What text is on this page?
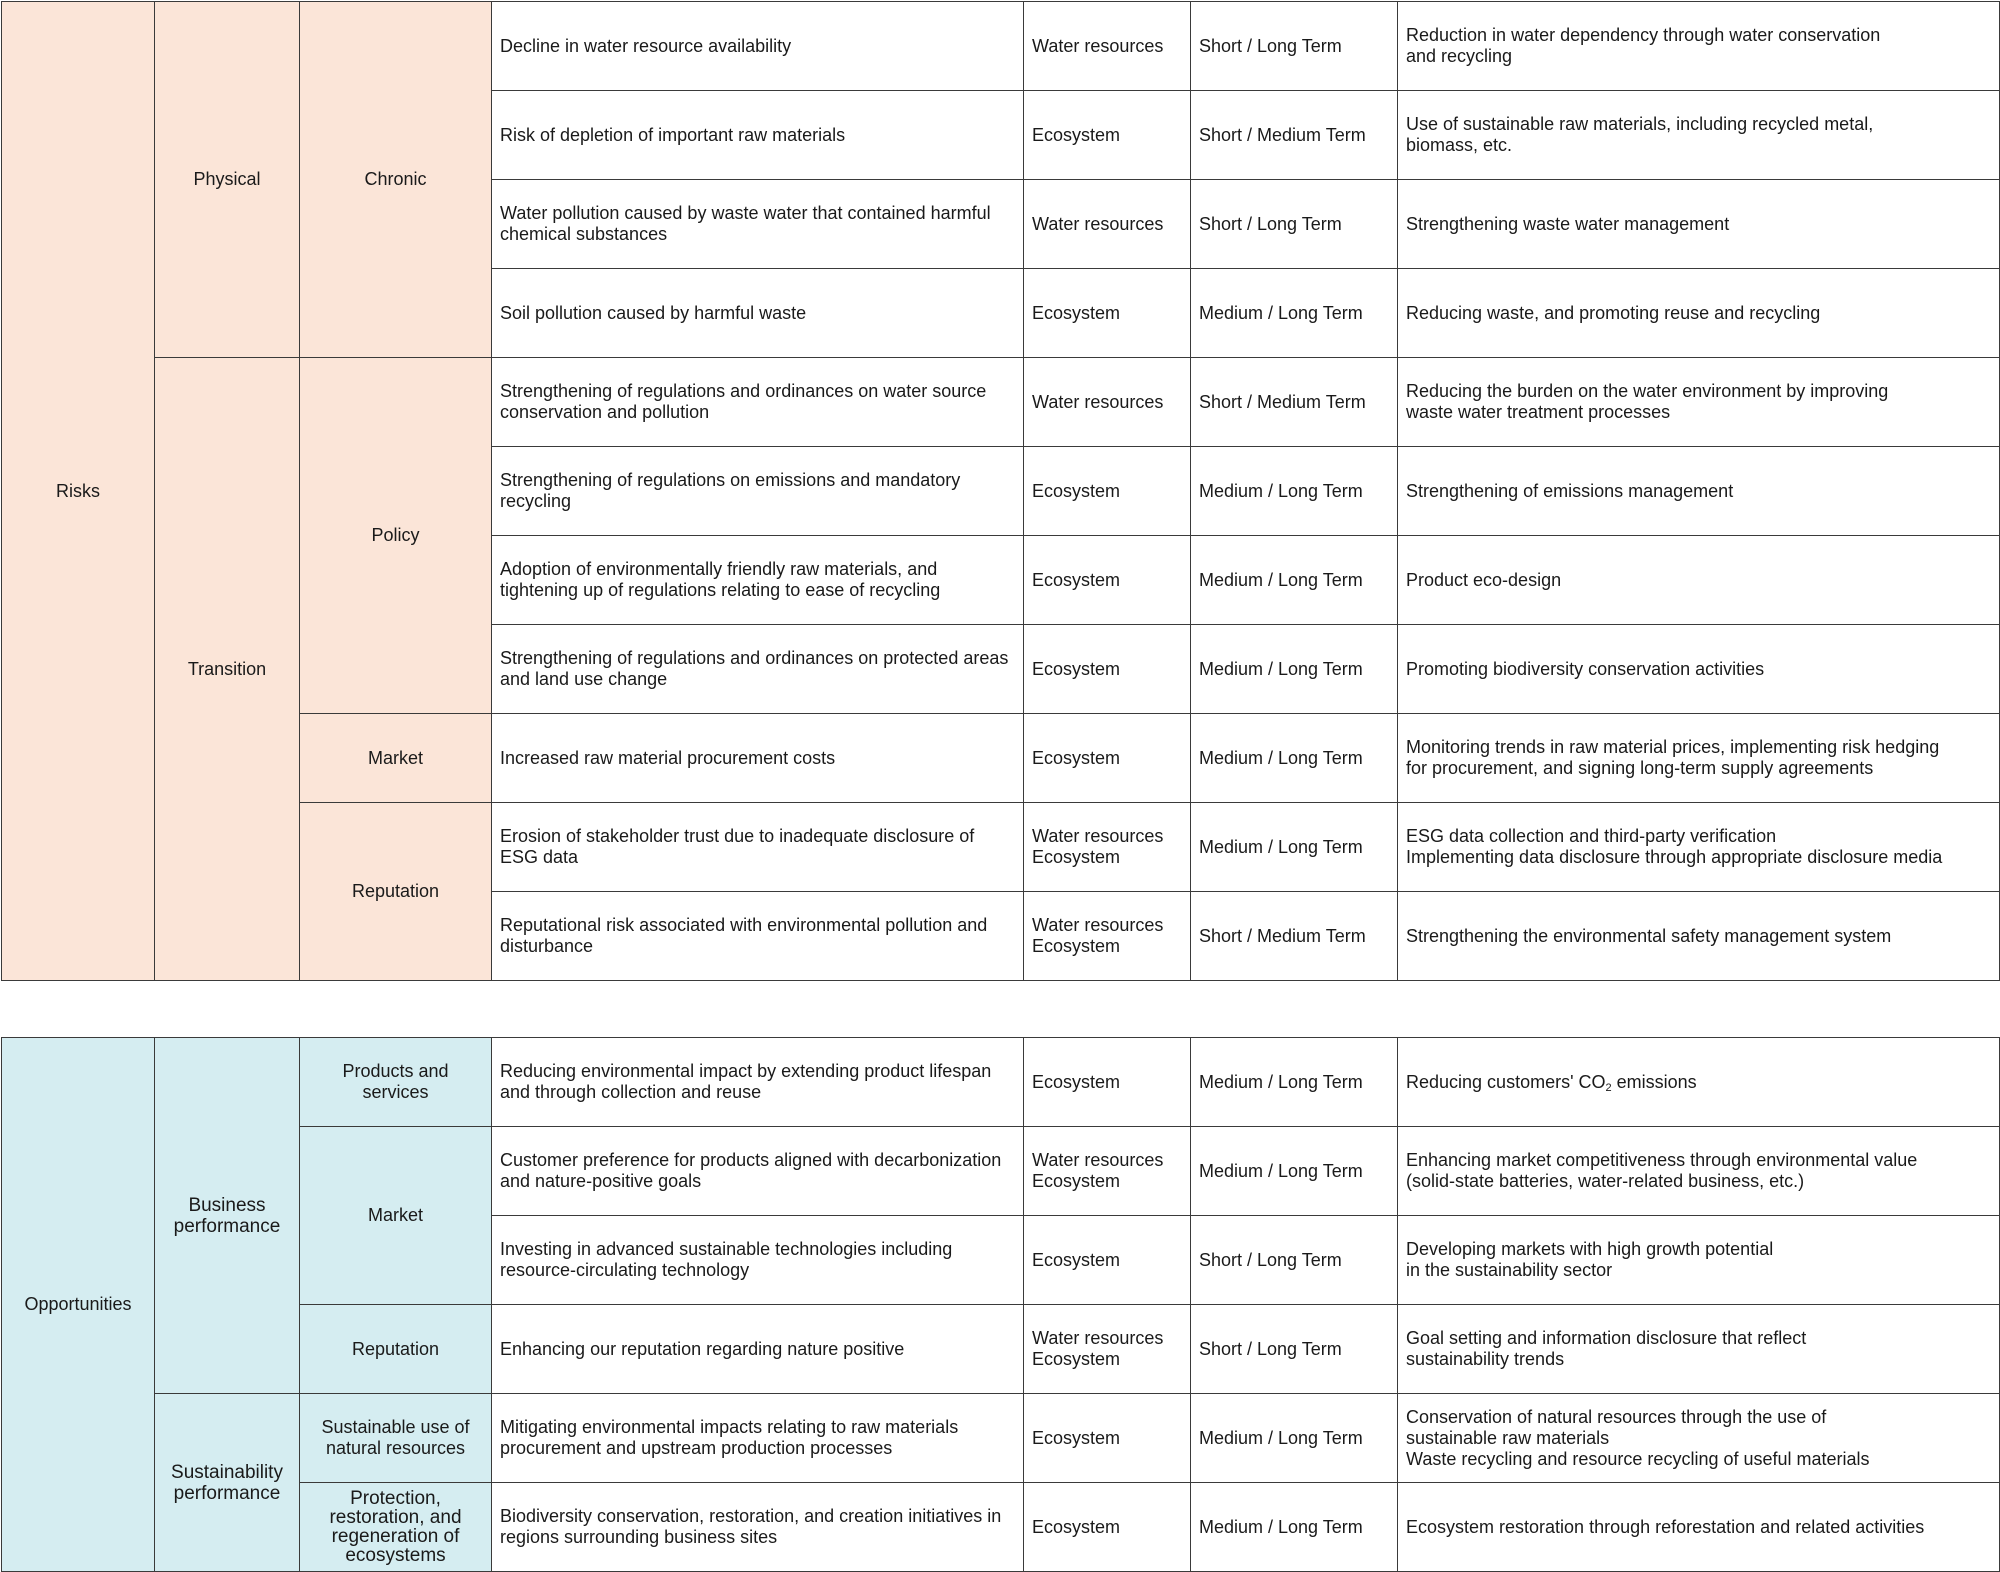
Risks	Physical	Chronic	Decline in water resource availability	Water resources	Short / Long Term	Reduction in water dependency through water conservation
and recycling

			Risk of depletion of important raw materials	Ecosystem	Short / Medium Term	Use of sustainable raw materials, including recycled metal,
biomass, etc.

			Water pollution caused by waste water that contained harmful chemical substances	Water resources	Short / Long Term	Strengthening waste water management

			Soil pollution caused by harmful waste	Ecosystem	Medium / Long Term	Reducing waste, and promoting reuse and recycling

	Transition	Policy	Strengthening of regulations and ordinances on water source conservation and pollution	Water resources	Short / Medium Term	Reducing the burden on the water environment by improving
waste water treatment processes

			Strengthening of regulations on emissions and mandatory recycling	Ecosystem	Medium / Long Term	Strengthening of emissions management

			Adoption of environmentally friendly raw materials, and tightening up of regulations relating to ease of recycling	Ecosystem	Medium / Long Term	Product eco-design

			Strengthening of regulations and ordinances on protected areas and land use change	Ecosystem	Medium / Long Term	Promoting biodiversity conservation activities

		Market	Increased raw material procurement costs	Ecosystem	Medium / Long Term	Monitoring trends in raw material prices, implementing risk hedging
for procurement, and signing long-term supply agreements

		Reputation	Erosion of stakeholder trust due to inadequate disclosure of ESG data	Water resources
Ecosystem	Medium / Long Term	ESG data collection and third-party verification
Implementing data disclosure through appropriate disclosure media

			Reputational risk associated with environmental pollution and disturbance	Water resources
Ecosystem	Short / Medium Term	Strengthening the environmental safety management system
Opportunities	Business performance	Products and services	Reducing environmental impact by extending product lifespan and through collection and reuse	Ecosystem	Medium / Long Term	Reducing customers' $CO_2$ emissions

		Market	Customer preference for products aligned with decarbonization and nature-positive goals	Water resources
Ecosystem	Medium / Long Term	Enhancing market competitiveness through environmental value
(solid-state batteries, water-related business, etc.)

			Investing in advanced sustainable technologies including resource-circulating technology	Ecosystem	Short / Long Term	Developing markets with high growth potential
in the sustainability sector

		Reputation	Enhancing our reputation regarding nature positive	Water resources
Ecosystem	Short / Long Term	Goal setting and information disclosure that reflect
sustainability trends

	Sustainability performance	Sustainable use of natural resources	Mitigating environmental impacts relating to raw materials procurement and upstream production processes	Ecosystem	Medium / Long Term	Conservation of natural resources through the use of
sustainable raw materials
Waste recycling and resource recycling of useful materials

		Protection, restoration, and regeneration of ecosystems	Biodiversity conservation, restoration, and creation initiatives in regions surrounding business sites	Ecosystem	Medium / Long Term	Ecosystem restoration through reforestation and related activities
